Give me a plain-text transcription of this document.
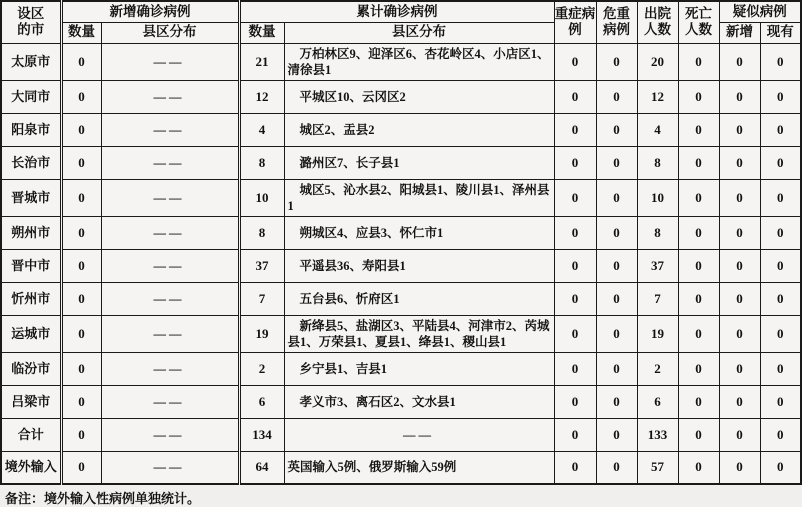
设区的市	新增确诊病例		累计确诊病例		重症病例	危重病例	出院人数	死亡人数	疑似病例	
	数量	县区分布	数量	县区分布					新增	现有
太原市	0	——	21	万柏林区9、迎泽区6、杏花岭区4、小店区1、清徐县1	0	0	20	0	0	0
大同市	0	——	12	平城区10、云冈区2	0	0	12	0	0	0
阳泉市	0	——	4	城区2、盂县2	0	0	4	0	0	0
长治市	0	——	8	潞州区7、长子县1	0	0	8	0	0	0
晋城市	0	——	10	城区5、沁水县2、阳城县1、陵川县1、泽州县1	0	0	10	0	0	0
朔州市	0	——	8	朔城区4、应县3、怀仁市1	0	0	8	0	0	0
晋中市	0	——	37	平遥县36、寿阳县1	0	0	37	0	0	0
忻州市	0	——	7	五台县6、忻府区1	0	0	7	0	0	0
运城市	0	——	19	新绛县5、盐湖区3、平陆县4、河津市2、芮城县1、万荣县1、夏县1、绛县1、稷山县1	0	0	19	0	0	0
临汾市	0	——	2	乡宁县1、吉县1	0	0	2	0	0	0
吕梁市	0	——	6	孝义市3、离石区2、文水县1	0	0	6	0	0	0
合计	0	——	134	——	0	0	133	0	0	0
境外输入	0	——	64	英国输入5例、俄罗斯输入59例	0	0	57	0	0	0
备注：境外输入性病例单独统计。
